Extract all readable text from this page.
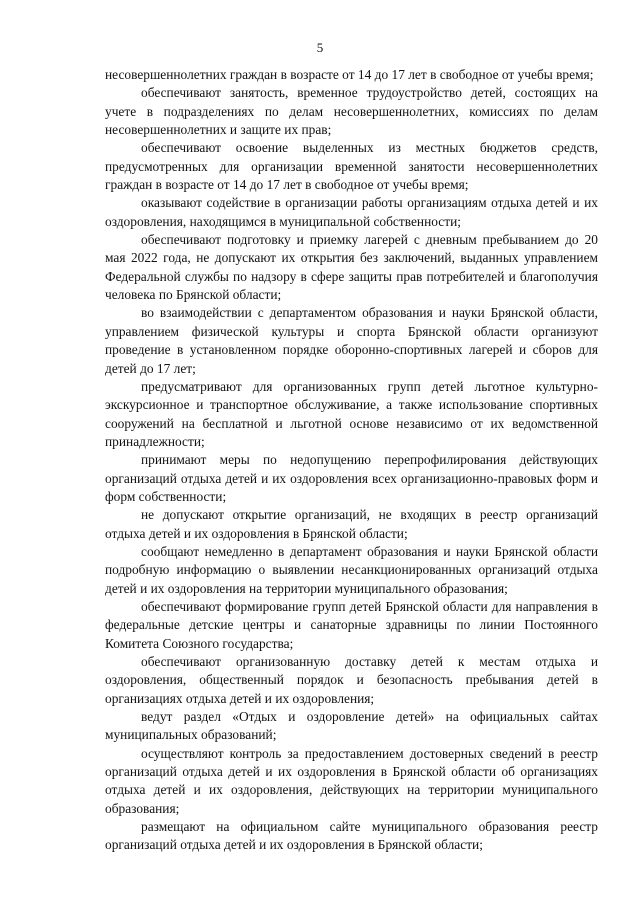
5

несовершеннолетних граждан в возрасте от 14 до 17 лет в свободное от учебы время;

обеспечивают занятость, временное трудоустройство детей, состоящих на учете в подразделениях по делам несовершеннолетних, комиссиях по делам несовершеннолетних и защите их прав;

обеспечивают освоение выделенных из местных бюджетов средств, предусмотренных для организации временной занятости несовершеннолетних граждан в возрасте от 14 до 17 лет в свободное от учебы время;

оказывают содействие в организации работы организациям отдыха детей и их оздоровления, находящимся в муниципальной собственности;

обеспечивают подготовку и приемку лагерей с дневным пребыванием до 20 мая 2022 года, не допускают их открытия без заключений, выданных управлением Федеральной службы по надзору в сфере защиты прав потребителей и благополучия человека по Брянской области;

во взаимодействии с департаментом образования и науки Брянской области, управлением физической культуры и спорта Брянской области организуют проведение в установленном порядке оборонно-спортивных лагерей и сборов для детей до 17 лет;

предусматривают для организованных групп детей льготное культурно-экскурсионное и транспортное обслуживание, а также использование спортивных сооружений на бесплатной и льготной основе независимо от их ведомственной принадлежности;

принимают меры по недопущению перепрофилирования действующих организаций отдыха детей и их оздоровления всех организационно-правовых форм и форм собственности;

не допускают открытие организаций, не входящих в реестр организаций отдыха детей и их оздоровления в Брянской области;

сообщают немедленно в департамент образования и науки Брянской области подробную информацию о выявлении несанкционированных организаций отдыха детей и их оздоровления на территории муниципального образования;

обеспечивают формирование групп детей Брянской области для направления в федеральные детские центры и санаторные здравницы по линии Постоянного Комитета Союзного государства;

обеспечивают организованную доставку детей к местам отдыха и оздоровления, общественный порядок и безопасность пребывания детей в организациях отдыха детей и их оздоровления;

ведут раздел «Отдых и оздоровление детей» на официальных сайтах муниципальных образований;

осуществляют контроль за предоставлением достоверных сведений в реестр организаций отдыха детей и их оздоровления в Брянской области об организациях отдыха детей и их оздоровления, действующих на территории муниципального образования;

размещают на официальном сайте муниципального образования реестр организаций отдыха детей и их оздоровления в Брянской области;
